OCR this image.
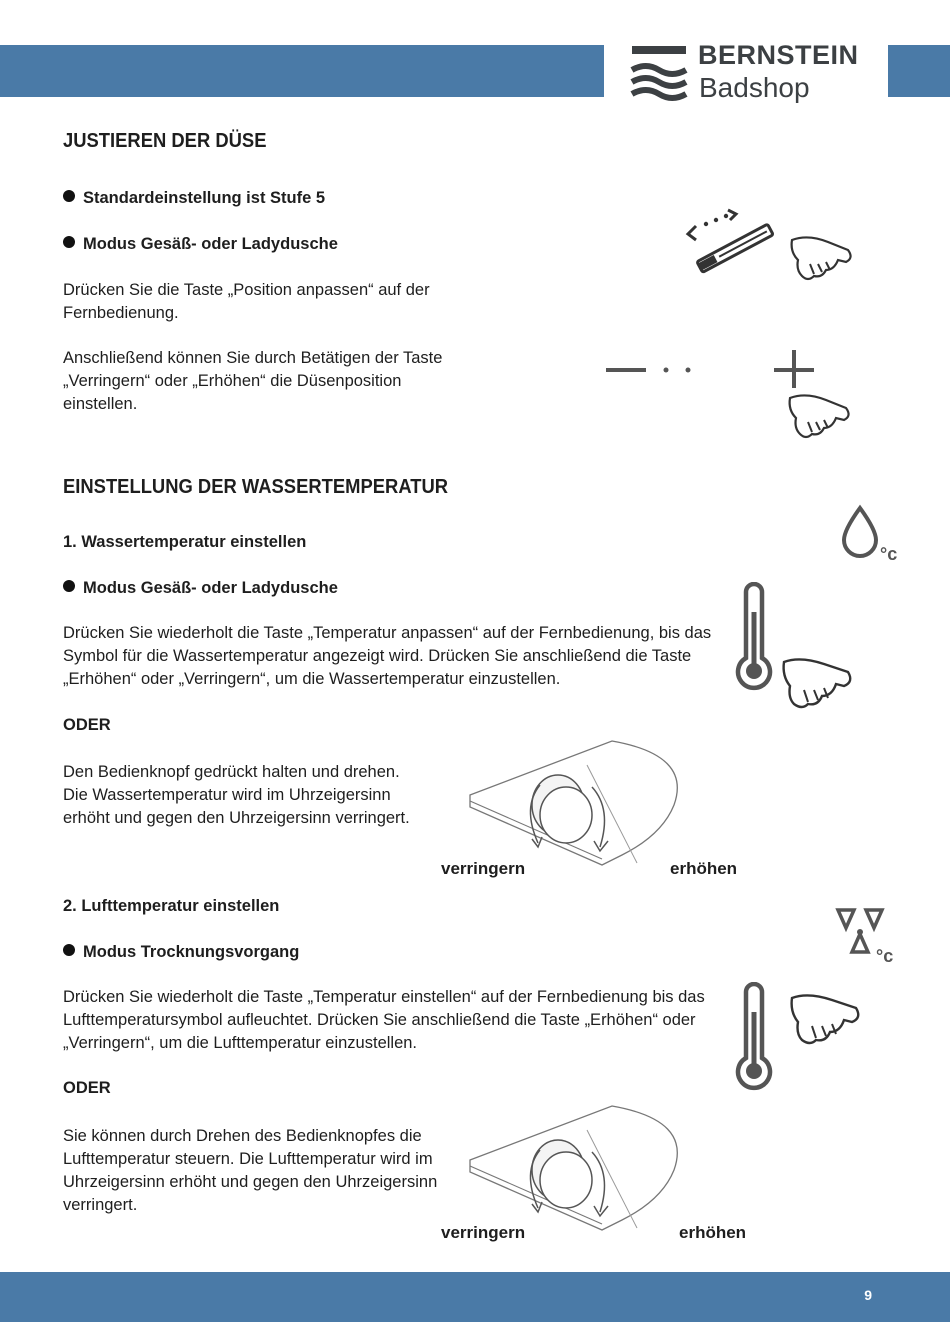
BERNSTEIN
Badshop
JUSTIEREN DER DÜSE
Standardeinstellung ist Stufe 5
Modus Gesäß- oder Ladydusche
Drücken Sie die Taste „Position anpassen“ auf der
Fernbedienung.
Anschließend können Sie durch Betätigen der Taste
„Verringern“ oder „Erhöhen“ die Düsenposition
einstellen.
EINSTELLUNG DER WASSERTEMPERATUR
1. Wassertemperatur einstellen
Modus Gesäß- oder Ladydusche
Drücken Sie wiederholt die Taste „Temperatur anpassen“ auf der Fernbedienung, bis das
Symbol für die Wassertemperatur angezeigt wird. Drücken Sie anschließend die Taste
„Erhöhen“ oder „Verringern“, um die Wassertemperatur einzustellen.
ODER
Den Bedienknopf gedrückt halten und drehen.
Die Wassertemperatur wird im Uhrzeigersinn
erhöht und gegen den Uhrzeigersinn verringert.
°c
verringern	erhöhen
2. Lufttemperatur einstellen
Modus Trocknungsvorgang
Drücken Sie wiederholt die Taste „Temperatur einstellen“ auf der Fernbedienung bis das
Lufttemperatursymbol aufleuchtet. Drücken Sie anschließend die Taste „Erhöhen“ oder
„Verringern“, um die Lufttemperatur einzustellen.
ODER
Sie können durch Drehen des Bedienknopfes die
Lufttemperatur steuern. Die Lufttemperatur wird im
Uhrzeigersinn erhöht und gegen den Uhrzeigersinn
verringert.
°c
verringern	erhöhen
9
